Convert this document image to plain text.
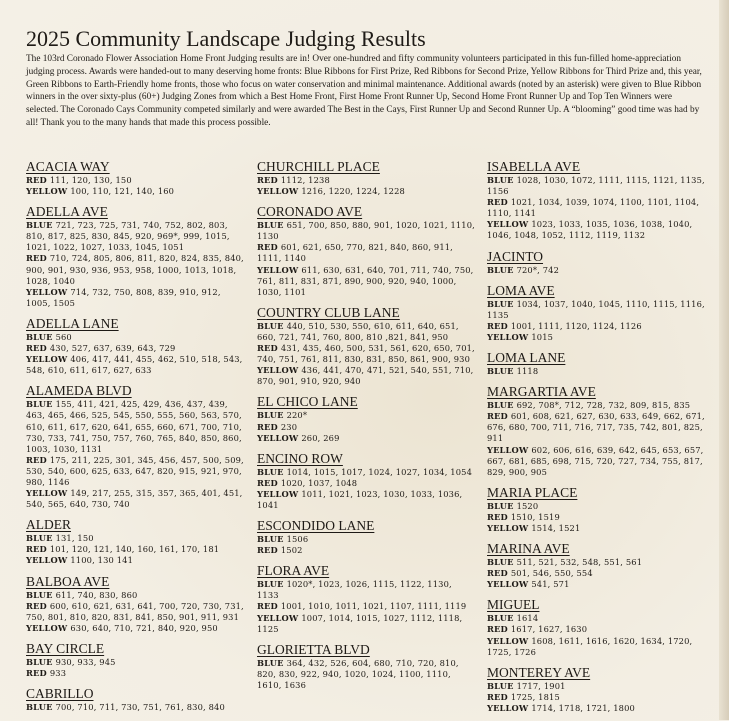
2025 Community Landscape Judging Results

The 103rd Coronado Flower Association Home Front Judging results are in! Over one-hundred and fifty community volunteers participated in this fun-filled home-appreciation judging process. Awards were handed-out to many deserving home fronts: Blue Ribbons for First Prize, Red Ribbons for Second Prize, Yellow Ribbons for Third Prize and, this year, Green Ribbons to Earth-Friendly home fronts, those who focus on water conservation and minimal maintenance. Additional awards (noted by an asterisk) were given to Blue Ribbon winners in the over sixty-plus (60+) Judging Zones from which a Best Home Front, First Home Front Runner Up, Second Home Front Runner Up and Top Ten Winners were selected. The Coronado Cays Community competed similarly and were awarded The Best in the Cays, First Runner Up and Second Runner Up. A “blooming” good time was had by all! Thank you to the many hands that made this process possible.

ACACIA WAY
RED 111, 120, 130, 150
YELLOW 100, 110, 121, 140, 160
ADELLA AVE
BLUE 721, 723, 725, 731, 740, 752, 802, 803, 810, 817, 825, 830, 845, 920, 969*, 999, 1015, 1021, 1022, 1027, 1033, 1045, 1051
RED 710, 724, 805, 806, 811, 820, 824, 835, 840, 900, 901, 930, 936, 953, 958, 1000, 1013, 1018, 1028, 1040
YELLOW 714, 732, 750, 808, 839, 910, 912, 1005, 1505
ADELLA LANE
BLUE 560
RED 430, 527, 637, 639, 643, 729
YELLOW 406, 417, 441, 455, 462, 510, 518, 543, 548, 610, 611, 617, 627, 633
ALAMEDA BLVD
BLUE 155, 411, 421, 425, 429, 436, 437, 439, 463, 465, 466, 525, 545, 550, 555, 560, 563, 570, 610, 611, 617, 620, 641, 655, 660, 671, 700, 710, 730, 733, 741, 750, 757, 760, 765, 840, 850, 860, 1003, 1030, 1131
RED 175, 211, 225, 301, 345, 456, 457, 500, 509, 530, 540, 600, 625, 633, 647, 820, 915, 921, 970, 980, 1146
YELLOW 149, 217, 255, 315, 357, 365, 401, 451, 540, 565, 640, 730, 740
ALDER
BLUE 131, 150
RED 101, 120, 121, 140, 160, 161, 170, 181
YELLOW 1100, 130 141
BALBOA AVE
BLUE 611, 740, 830, 860
RED 600, 610, 621, 631, 641, 700, 720, 730, 731, 750, 801, 810, 820, 831, 841, 850, 901, 911, 931
YELLOW 630, 640, 710, 721, 840, 920, 950
BAY CIRCLE
BLUE 930, 933, 945
RED 933
CABRILLO
BLUE 700, 710, 711, 730, 751, 761, 830, 840
CHURCHILL PLACE
RED 1112, 1238
YELLOW 1216, 1220, 1224, 1228
CORONADO AVE
BLUE 651, 700, 850, 880, 901, 1020, 1021, 1110, 1130
RED 601, 621, 650, 770, 821, 840, 860, 911, 1111, 1140
YELLOW 611, 630, 631, 640, 701, 711, 740, 750, 761, 811, 831, 871, 890, 900, 920, 940, 1000, 1030, 1101
COUNTRY CLUB LANE
BLUE 440, 510, 530, 550, 610, 611, 640, 651, 660, 721, 741, 760, 800, 810 ,821, 841, 950
RED 431, 435, 460, 500, 531, 561, 620, 650, 701, 740, 751, 761, 811, 830, 831, 850, 861, 900, 930
YELLOW 436, 441, 470, 471, 521, 540, 551, 710, 870, 901, 910, 920, 940
EL CHICO LANE
BLUE 220*
RED 230
YELLOW 260, 269
ENCINO ROW
BLUE 1014, 1015, 1017, 1024, 1027, 1034, 1054
RED 1020, 1037, 1048
YELLOW 1011, 1021, 1023, 1030, 1033, 1036, 1041
ESCONDIDO LANE
BLUE 1506
RED 1502
FLORA AVE
BLUE 1020*, 1023, 1026, 1115, 1122, 1130, 1133
RED 1001, 1010, 1011, 1021, 1107, 1111, 1119
YELLOW 1007, 1014, 1015, 1027, 1112, 1118, 1125
GLORIETTA BLVD
BLUE 364, 432, 526, 604, 680, 710, 720, 810, 820, 830, 922, 940, 1020, 1024, 1100, 1110, 1610, 1636
ISABELLA AVE
BLUE 1028, 1030, 1072, 1111, 1115, 1121, 1135, 1156
RED 1021, 1034, 1039, 1074, 1100, 1101, 1104, 1110, 1141
YELLOW 1023, 1033, 1035, 1036, 1038, 1040, 1046, 1048, 1052, 1112, 1119, 1132
JACINTO
BLUE 720*, 742
LOMA AVE
BLUE 1034, 1037, 1040, 1045, 1110, 1115, 1116, 1135
RED 1001, 1111, 1120, 1124, 1126
YELLOW 1015
LOMA LANE
BLUE 1118
MARGARTIA AVE
BLUE 692, 708*, 712, 728, 732, 809, 815, 835
RED 601, 608, 621, 627, 630, 633, 649, 662, 671, 676, 680, 700, 711, 716, 717, 735, 742, 801, 825, 911
YELLOW 602, 606, 616, 639, 642, 645, 653, 657, 667, 681, 685, 698, 715, 720, 727, 734, 755, 817, 829, 900, 905
MARIA PLACE
BLUE 1520
RED 1510, 1519
YELLOW 1514, 1521
MARINA AVE
BLUE 511, 521, 532, 548, 551, 561
RED 501, 546, 550, 554
YELLOW 541, 571
MIGUEL
BLUE 1614
RED 1617, 1627, 1630
YELLOW 1608, 1611, 1616, 1620, 1634, 1720, 1725, 1726
MONTEREY AVE
BLUE 1717, 1901
RED 1725, 1815
YELLOW 1714, 1718, 1721, 1800
